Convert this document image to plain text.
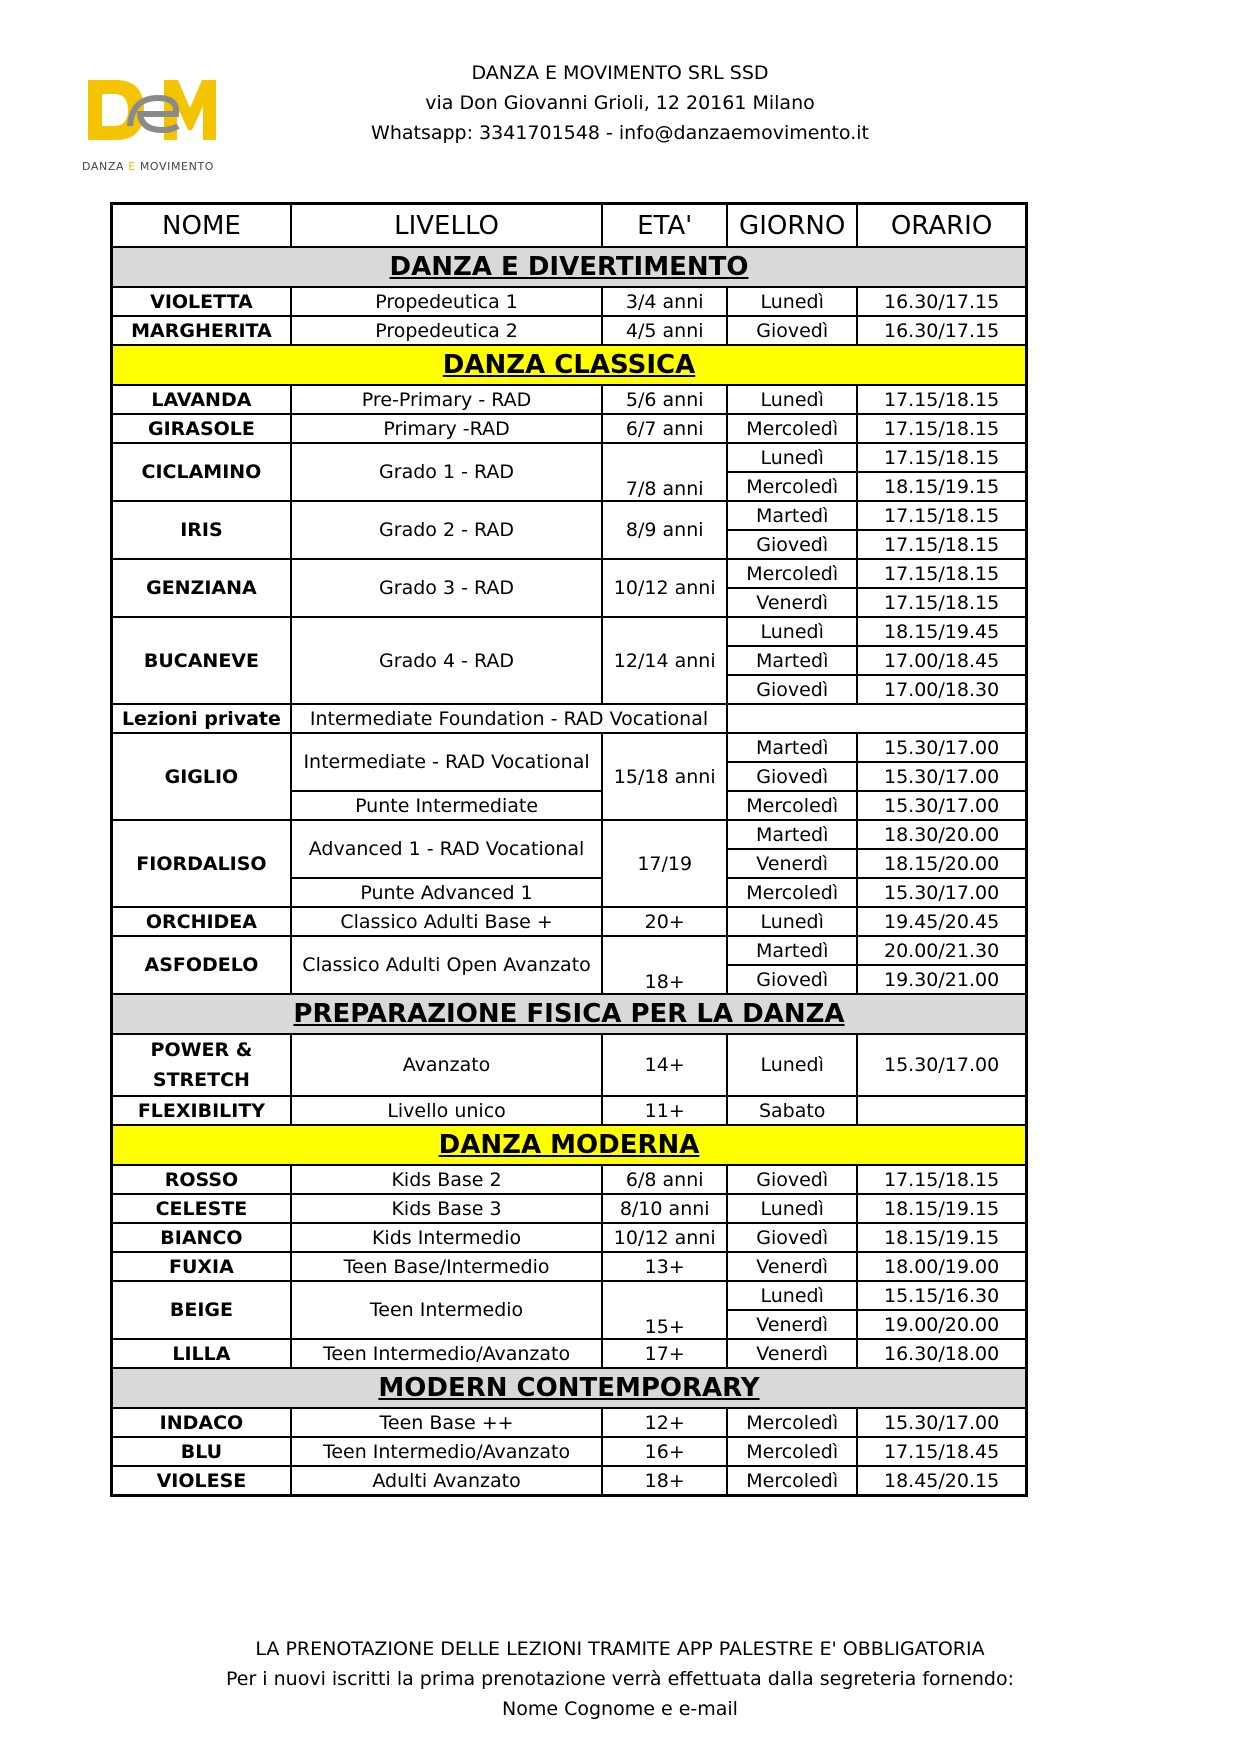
DANZA E MOVIMENTO
DANZA E MOVIMENTO SRL SSD
via Don Giovanni Grioli, 12 20161 Milano
Whatsapp: 3341701548 - info@danzaemovimento.it
NOME	LIVELLO	ETA'	GIORNO	ORARIO
DANZA E DIVERTIMENTO				
VIOLETTA	Propedeutica 1	3/4 anni	Lunedì	16.30/17.15
MARGHERITA	Propedeutica 2	4/5 anni	Giovedì	16.30/17.15
DANZA CLASSICA				
LAVANDA	Pre-Primary - RAD	5/6 anni	Lunedì	17.15/18.15
GIRASOLE	Primary -RAD	6/7 anni	Mercoledì	17.15/18.15
CICLAMINO	Grado 1 - RAD	7/8 anni	Lunedì	17.15/18.15
			Mercoledì	18.15/19.15
IRIS	Grado 2 - RAD	8/9 anni	Martedì	17.15/18.15
			Giovedì	17.15/18.15
GENZIANA	Grado 3 - RAD	10/12 anni	Mercoledì	17.15/18.15
			Venerdì	17.15/18.15
BUCANEVE	Grado 4 - RAD	12/14 anni	Lunedì	18.15/19.45
			Martedì	17.00/18.45
			Giovedì	17.00/18.30
Lezioni private	Intermediate Foundation - RAD Vocational			
GIGLIO	Intermediate - RAD Vocational	15/18 anni	Martedì	15.30/17.00
			Giovedì	15.30/17.00
	Punte Intermediate		Mercoledì	15.30/17.00
FIORDALISO	Advanced 1 - RAD Vocational	17/19	Martedì	18.30/20.00
			Venerdì	18.15/20.00
	Punte Advanced 1		Mercoledì	15.30/17.00
ORCHIDEA	Classico Adulti Base +	20+	Lunedì	19.45/20.45
ASFODELO	Classico Adulti Open Avanzato	18+	Martedì	20.00/21.30
			Giovedì	19.30/21.00
PREPARAZIONE FISICA PER LA DANZA				
POWER & STRETCH	Avanzato	14+	Lunedì	15.30/17.00
FLEXIBILITY	Livello unico	11+	Sabato	
DANZA MODERNA				
ROSSO	Kids Base 2	6/8 anni	Giovedì	17.15/18.15
CELESTE	Kids Base 3	8/10 anni	Lunedì	18.15/19.15
BIANCO	Kids Intermedio	10/12 anni	Giovedì	18.15/19.15
FUXIA	Teen Base/Intermedio	13+	Venerdì	18.00/19.00
BEIGE	Teen Intermedio	15+	Lunedì	15.15/16.30
			Venerdì	19.00/20.00
LILLA	Teen Intermedio/Avanzato	17+	Venerdì	16.30/18.00
MODERN CONTEMPORARY				
INDACO	Teen Base ++	12+	Mercoledì	15.30/17.00
BLU	Teen Intermedio/Avanzato	16+	Mercoledì	17.15/18.45
VIOLESE	Adulti Avanzato	18+	Mercoledì	18.45/20.15
LA PRENOTAZIONE DELLE LEZIONI TRAMITE APP PALESTRE E' OBBLIGATORIA
Per i nuovi iscritti la prima prenotazione verrà effettuata dalla segreteria fornendo:
Nome Cognome e e-mail
